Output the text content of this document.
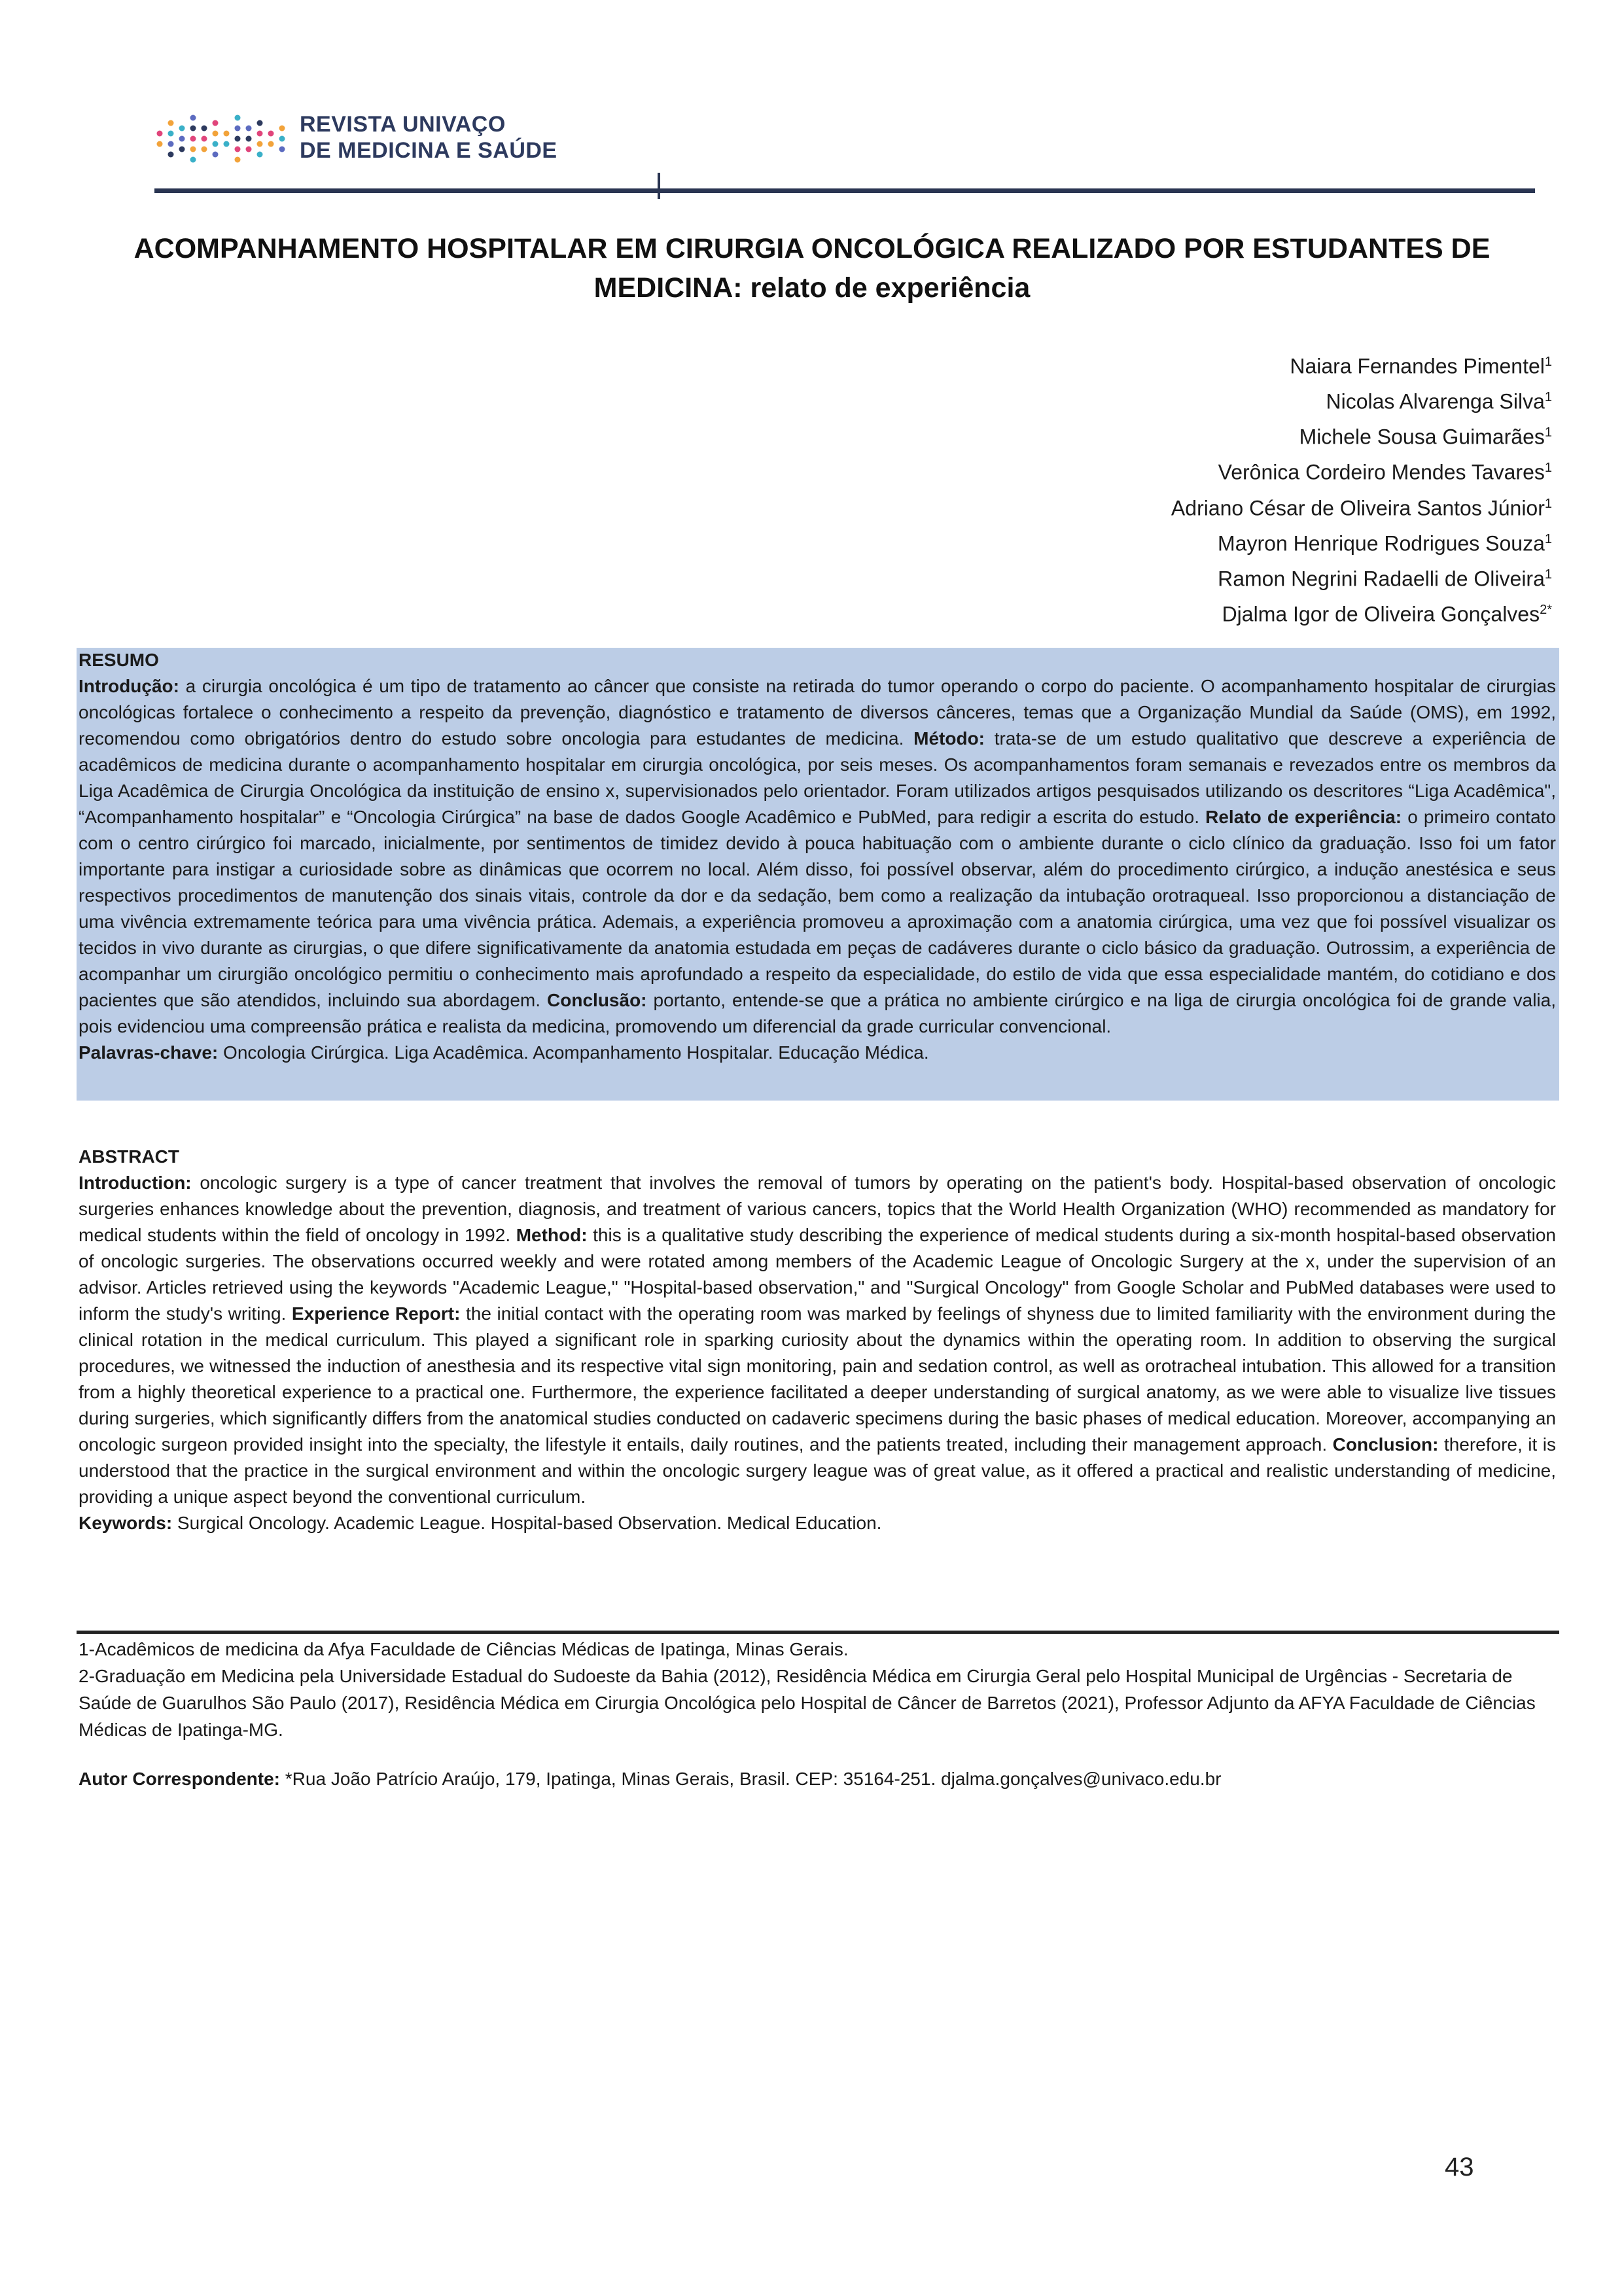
REVISTA UNIVAÇO
DE MEDICINA E SAÚDE
ACOMPANHAMENTO HOSPITALAR EM CIRURGIA ONCOLÓGICA REALIZADO POR ESTUDANTES DE
MEDICINA: relato de experiência
Naiara Fernandes Pimentel$^1$
Nicolas Alvarenga Silva$^1$
Michele Sousa Guimarães$^1$
Verônica Cordeiro Mendes Tavares$^1$
Adriano César de Oliveira Santos Júnior$^1$
Mayron Henrique Rodrigues Souza$^1$
Ramon Negrini Radaelli de Oliveira$^1$
Djalma Igor de Oliveira Gonçalves$^{2*}$
RESUMO
Introdução: a cirurgia oncológica é um tipo de tratamento ao câncer que consiste na retirada do tumor operando o corpo do paciente. O acompanhamento hospitalar de cirurgias oncológicas fortalece o conhecimento a respeito da prevenção, diagnóstico e tratamento de diversos cânceres, temas que a Organização Mundial da Saúde (OMS), em 1992, recomendou como obrigatórios dentro do estudo sobre oncologia para estudantes de medicina. Método: trata-se de um estudo qualitativo que descreve a experiência de acadêmicos de medicina durante o acompanhamento hospitalar em cirurgia oncológica, por seis meses. Os acompanhamentos foram semanais e revezados entre os membros da Liga Acadêmica de Cirurgia Oncológica da instituição de ensino x, supervisionados pelo orientador. Foram utilizados artigos pesquisados utilizando os descritores “Liga Acadêmica", “Acompanhamento hospitalar” e “Oncologia Cirúrgica” na base de dados Google Acadêmico e PubMed, para redigir a escrita do estudo. Relato de experiência: o primeiro contato com o centro cirúrgico foi marcado, inicialmente, por sentimentos de timidez devido à pouca habituação com o ambiente durante o ciclo clínico da graduação. Isso foi um fator importante para instigar a curiosidade sobre as dinâmicas que ocorrem no local. Além disso, foi possível observar, além do procedimento cirúrgico, a indução anestésica e seus respectivos procedimentos de manutenção dos sinais vitais, controle da dor e da sedação, bem como a realização da intubação orotraqueal. Isso proporcionou a distanciação de uma vivência extremamente teórica para uma vivência prática. Ademais, a experiência promoveu a aproximação com a anatomia cirúrgica, uma vez que foi possível visualizar os tecidos in vivo durante as cirurgias, o que difere significativamente da anatomia estudada em peças de cadáveres durante o ciclo básico da graduação. Outrossim, a experiência de acompanhar um cirurgião oncológico permitiu o conhecimento mais aprofundado a respeito da especialidade, do estilo de vida que essa especialidade mantém, do cotidiano e dos pacientes que são atendidos, incluindo sua abordagem. Conclusão: portanto, entende-se que a prática no ambiente cirúrgico e na liga de cirurgia oncológica foi de grande valia, pois evidenciou uma compreensão prática e realista da medicina, promovendo um diferencial da grade curricular convencional.
Palavras-chave: Oncologia Cirúrgica. Liga Acadêmica. Acompanhamento Hospitalar. Educação Médica.
ABSTRACT
Introduction: oncologic surgery is a type of cancer treatment that involves the removal of tumors by operating on the patient's body. Hospital-based observation of oncologic surgeries enhances knowledge about the prevention, diagnosis, and treatment of various cancers, topics that the World Health Organization (WHO) recommended as mandatory for medical students within the field of oncology in 1992. Method: this is a qualitative study describing the experience of medical students during a six-month hospital-based observation of oncologic surgeries. The observations occurred weekly and were rotated among members of the Academic League of Oncologic Surgery at the x, under the supervision of an advisor. Articles retrieved using the keywords "Academic League," "Hospital-based observation," and "Surgical Oncology" from Google Scholar and PubMed databases were used to inform the study's writing. Experience Report: the initial contact with the operating room was marked by feelings of shyness due to limited familiarity with the environment during the clinical rotation in the medical curriculum. This played a significant role in sparking curiosity about the dynamics within the operating room. In addition to observing the surgical procedures, we witnessed the induction of anesthesia and its respective vital sign monitoring, pain and sedation control, as well as orotracheal intubation. This allowed for a transition from a highly theoretical experience to a practical one. Furthermore, the experience facilitated a deeper understanding of surgical anatomy, as we were able to visualize live tissues during surgeries, which significantly differs from the anatomical studies conducted on cadaveric specimens during the basic phases of medical education. Moreover, accompanying an oncologic surgeon provided insight into the specialty, the lifestyle it entails, daily routines, and the patients treated, including their management approach. Conclusion: therefore, it is understood that the practice in the surgical environment and within the oncologic surgery league was of great value, as it offered a practical and realistic understanding of medicine, providing a unique aspect beyond the conventional curriculum.
Keywords: Surgical Oncology. Academic League. Hospital-based Observation. Medical Education.
1-Acadêmicos de medicina da Afya Faculdade de Ciências Médicas de Ipatinga, Minas Gerais.
2-Graduação em Medicina pela Universidade Estadual do Sudoeste da Bahia (2012), Residência Médica em Cirurgia Geral pelo Hospital Municipal de Urgências - Secretaria de Saúde de Guarulhos São Paulo (2017), Residência Médica em Cirurgia Oncológica pelo Hospital de Câncer de Barretos (2021), Professor Adjunto da AFYA Faculdade de Ciências Médicas de Ipatinga-MG.
Autor Correspondente: *Rua João Patrício Araújo, 179, Ipatinga, Minas Gerais, Brasil. CEP: 35164-251. djalma.gonçalves@univaco.edu.br
43
